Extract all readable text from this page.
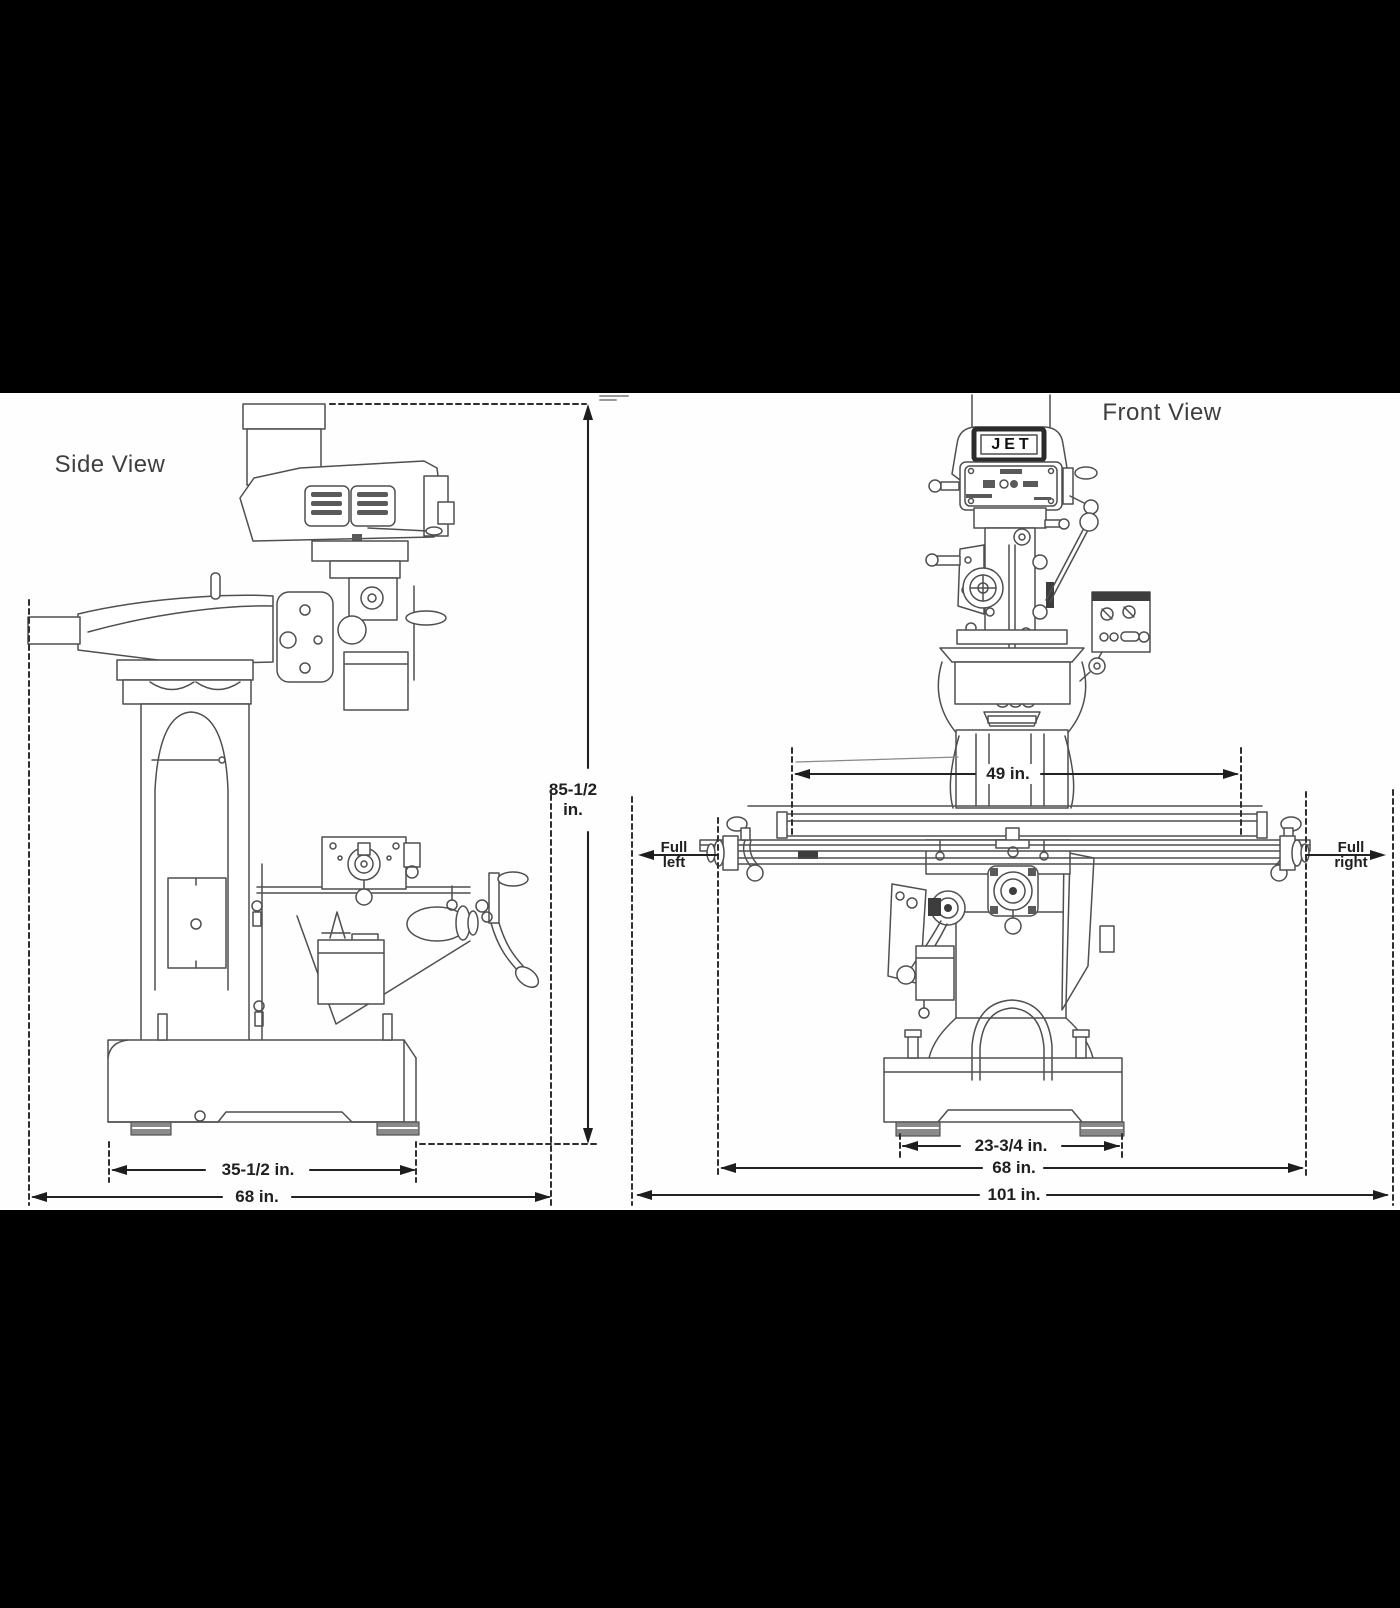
Side View
Front View
JET
85-1/2
in.
35-1/2 in.
68 in.
49 in.
Full
left
Full
right
23-3/4 in.
68 in.
101 in.
